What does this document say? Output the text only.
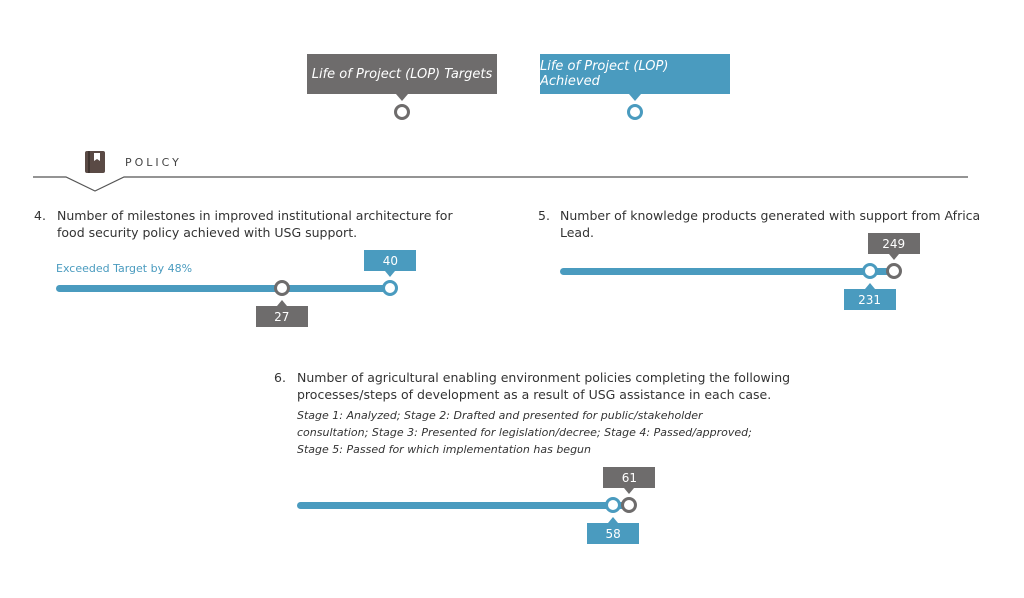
Life of Project (LOP) Targets	Life of Project (LOP) Achieved
POLICY
4. Number of milestones in improved institutional architecture for food security policy achieved with USG support.
Exceeded Target by 48%
5. Number of knowledge products generated with support from Africa Lead.
6. Number of agricultural enabling environment policies completing the following
processes/steps of development as a result of USG assistance in each case.
Stage 1: Analyzed; Stage 2: Drafted and presented for public/stakeholder
consultation; Stage 3: Presented for legislation/decree; Stage 4: Passed/approved;
Stage 5: Passed for which implementation has begun
27
40
249
231
61
58
